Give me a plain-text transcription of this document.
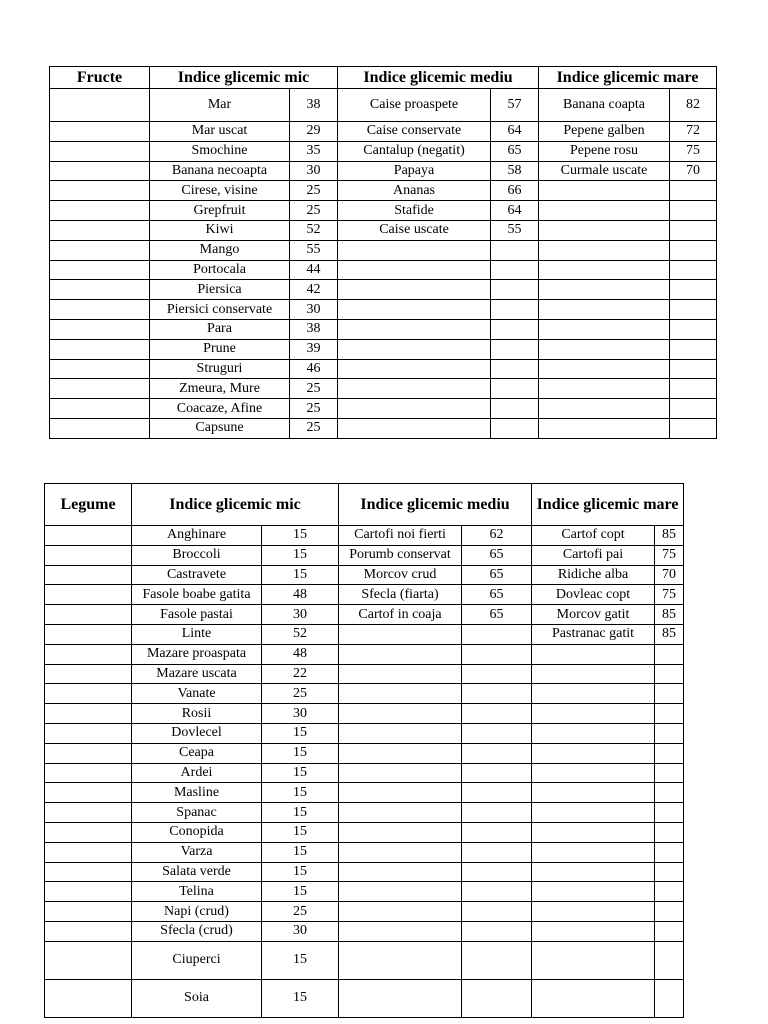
Fructe	Indice glicemic mic		Indice glicemic mediu		Indice glicemic mare	
	Mar	38	Caise proaspete	57	Banana coapta	82
	Mar uscat	29	Caise conservate	64	Pepene galben	72
	Smochine	35	Cantalup (negatit)	65	Pepene rosu	75
	Banana necoapta	30	Papaya	58	Curmale uscate	70
	Cirese, visine	25	Ananas	66		
	Grepfruit	25	Stafide	64		
	Kiwi	52	Caise uscate	55		
	Mango	55				
	Portocala	44				
	Piersica	42				
	Piersici conservate	30				
	Para	38				
	Prune	39				
	Struguri	46				
	Zmeura, Mure	25				
	Coacaze, Afine	25				
	Capsune	25				
Legume	Indice glicemic mic		Indice glicemic mediu		Indice glicemic mare	
	Anghinare	15	Cartofi noi fierti	62	Cartof copt	85
	Broccoli	15	Porumb conservat	65	Cartofi pai	75
	Castravete	15	Morcov crud	65	Ridiche alba	70
	Fasole boabe gatita	48	Sfecla (fiarta)	65	Dovleac copt	75
	Fasole pastai	30	Cartof in coaja	65	Morcov gatit	85
	Linte	52			Pastranac gatit	85
	Mazare proaspata	48				
	Mazare uscata	22				
	Vanate	25				
	Rosii	30				
	Dovlecel	15				
	Ceapa	15				
	Ardei	15				
	Masline	15				
	Spanac	15				
	Conopida	15				
	Varza	15				
	Salata verde	15				
	Telina	15				
	Napi (crud)	25				
	Sfecla (crud)	30				
	Ciuperci	15				
	Soia	15				
